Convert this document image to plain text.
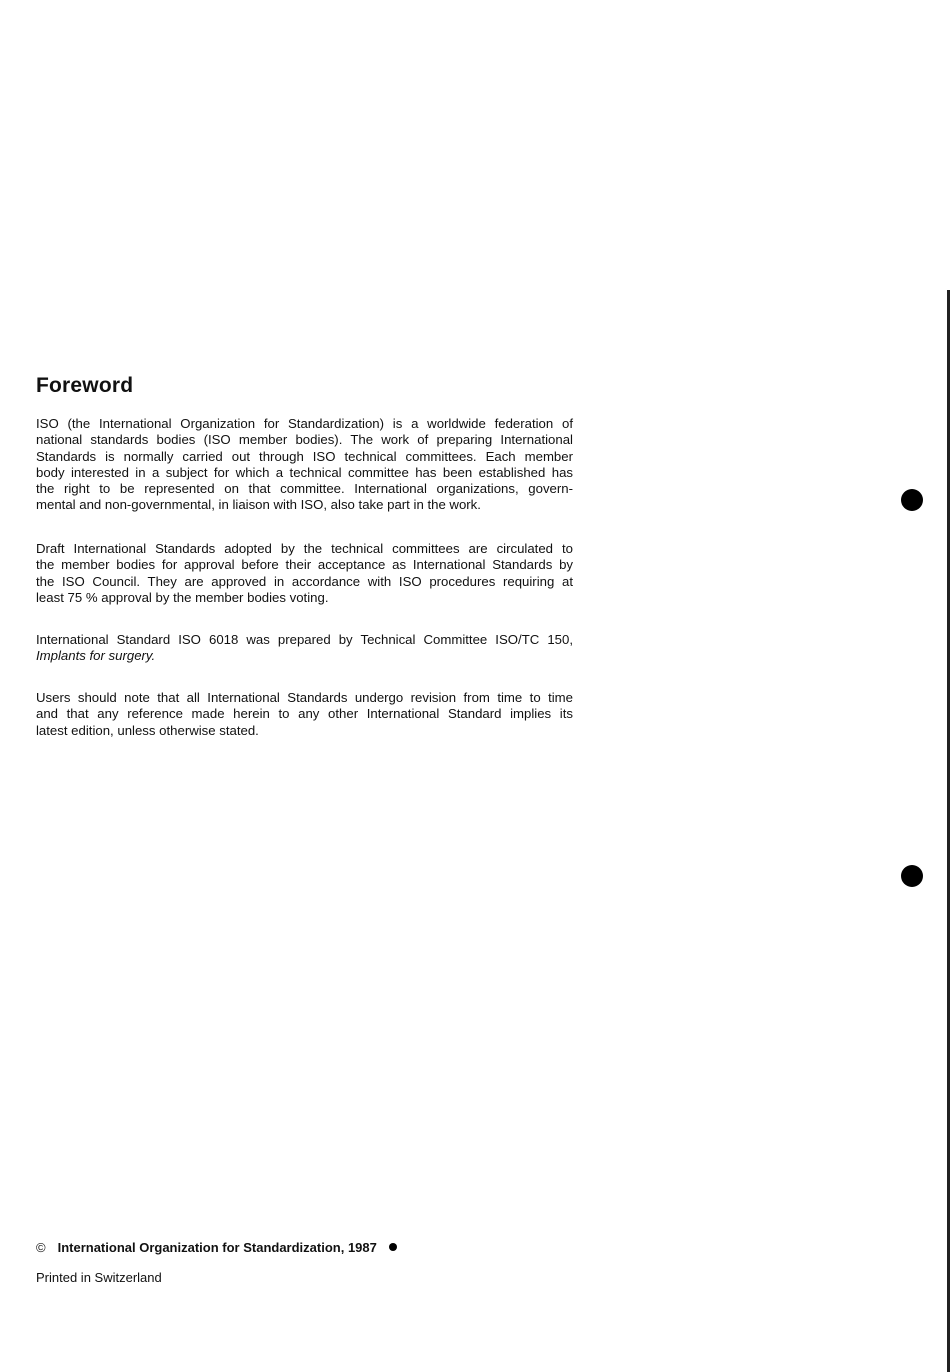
Foreword
ISO (the International Organization for Standardization) is a worldwide federation of
national standards bodies (ISO member bodies). The work of preparing International
Standards is normally carried out through ISO technical committees. Each member
body interested in a subject for which a technical committee has been established has
the right to be represented on that committee. International organizations, govern-
mental and non-governmental, in liaison with ISO, also take part in the work.
Draft International Standards adopted by the technical committees are circulated to
the member bodies for approval before their acceptance as International Standards by
the ISO Council. They are approved in accordance with ISO procedures requiring at
least 75 % approval by the member bodies voting.
International Standard ISO 6018 was prepared by Technical Committee ISO/TC 150,
Implants for surgery.
Users should note that all International Standards undergo revision from time to time
and that any reference made herein to any other International Standard implies its
latest edition, unless otherwise stated.
© International Organization for Standardization, 1987
Printed in Switzerland
